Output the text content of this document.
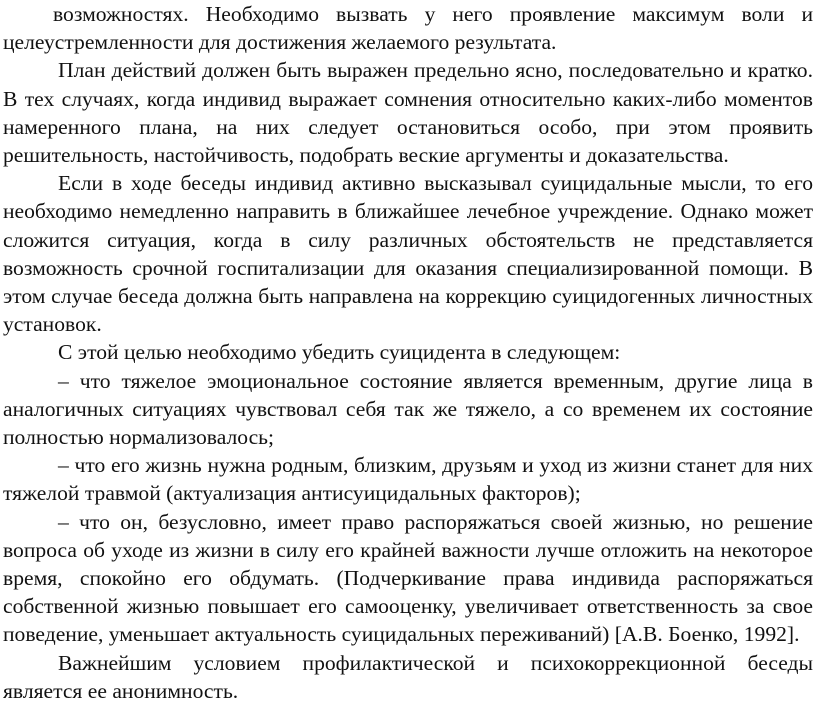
возможностях. Необходимо вызвать у него проявление максимум воли и целеустремленности для достижения желаемого результата.

План действий должен быть выражен предельно ясно, последовательно и кратко. В тех случаях, когда индивид выражает сомнения относительно каких-либо моментов намеренного плана, на них следует остановиться особо, при этом проявить решительность, настойчивость, подобрать веские аргументы и доказательства.

Если в ходе беседы индивид активно высказывал суицидальные мысли, то его необходимо немедленно направить в ближайшее лечебное учреждение. Однако может сложится ситуация, когда в силу различных обстоятельств не представляется возможность срочной госпитализации для оказания специализированной помощи. В этом случае беседа должна быть направлена на коррекцию суицидогенных личностных установок.

С этой целью необходимо убедить суицидента в следующем:

– что тяжелое эмоциональное состояние является временным, другие лица в аналогичных ситуациях чувствовал себя так же тяжело, а со временем их состояние полностью нормализовалось;

– что его жизнь нужна родным, близким, друзьям и уход из жизни станет для них тяжелой травмой (актуализация антисуицидальных факторов);

– что он, безусловно, имеет право распоряжаться своей жизнью, но решение вопроса об уходе из жизни в силу его крайней важности лучше отложить на некоторое время, спокойно его обдумать. (Подчеркивание права индивида распоряжаться собственной жизнью повышает его самооценку, увеличивает ответственность за свое поведение, уменьшает актуальность суицидальных переживаний) [А.В. Боенко, 1992].

Важнейшим условием профилактической и психокоррекционной беседы является ее анонимность.
